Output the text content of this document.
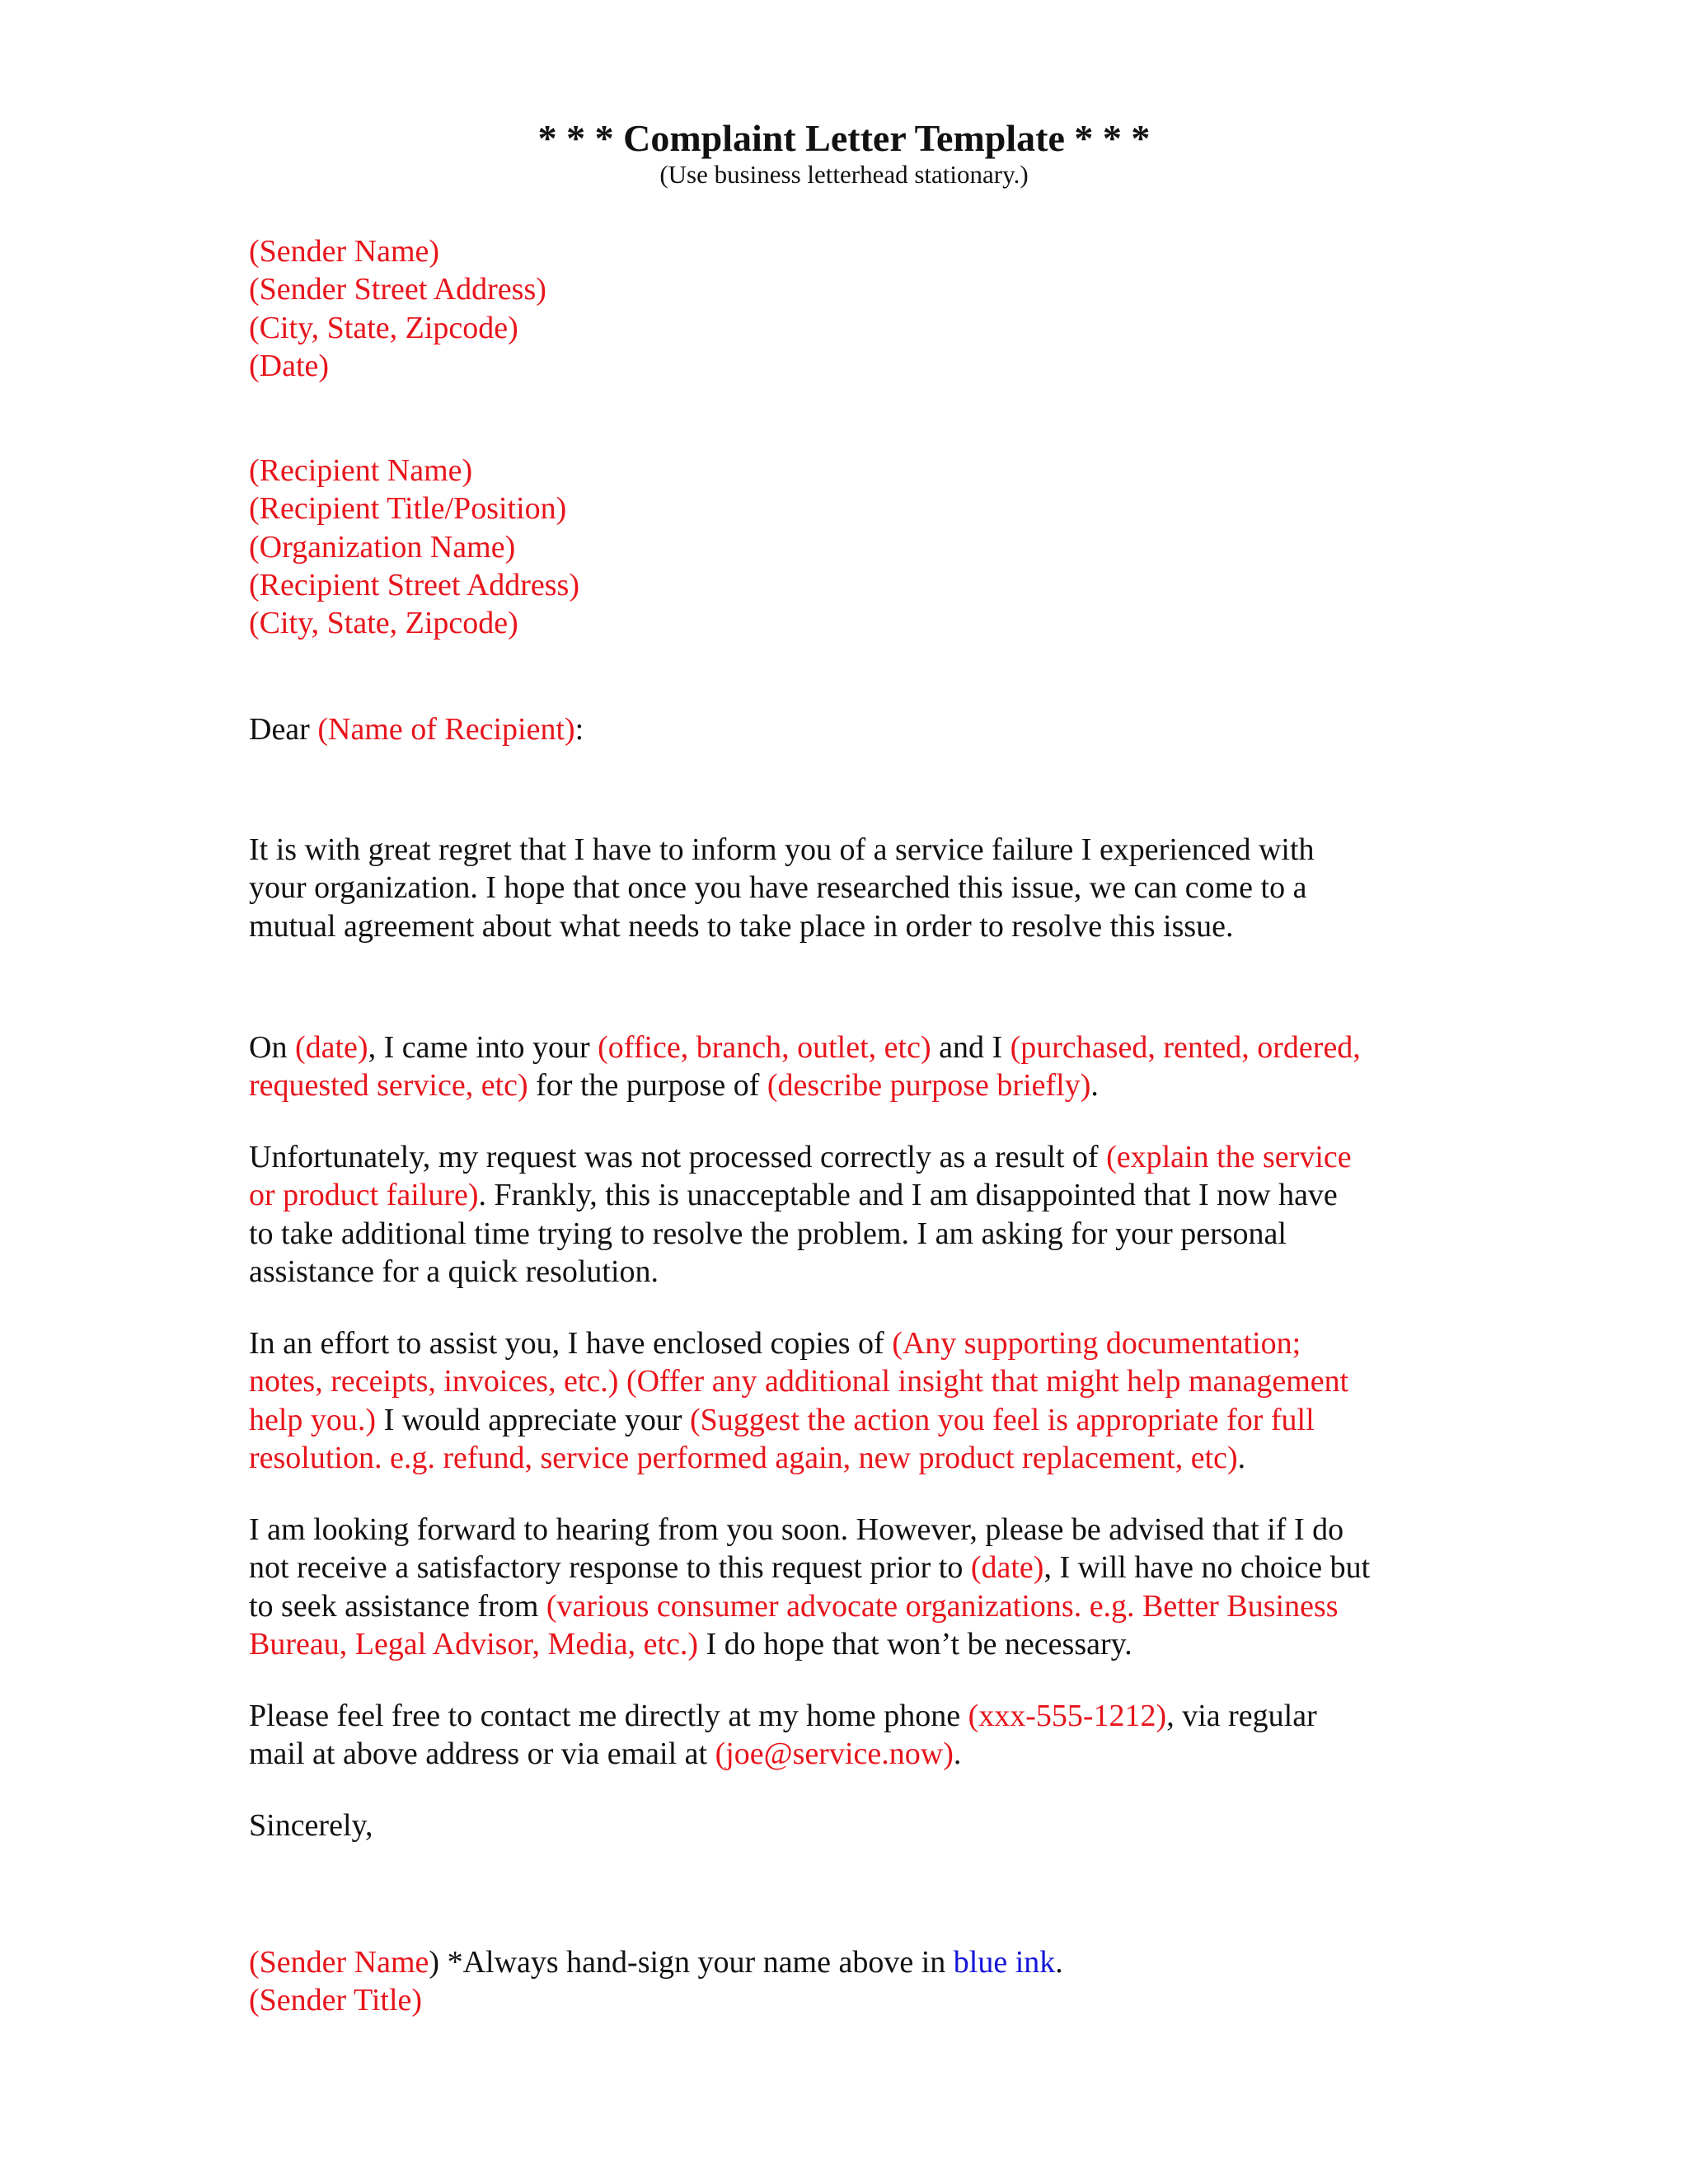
* * * Complaint Letter Template * * *
(Use business letterhead stationary.)
(Sender Name)
(Sender Street Address)
(City, State, Zipcode)
(Date)
(Recipient Name)
(Recipient Title/Position)
(Organization Name)
(Recipient Street Address)
(City, State, Zipcode)
Dear (Name of Recipient):
It is with great regret that I have to inform you of a service failure I experienced with
your organization. I hope that once you have researched this issue, we can come to a
mutual agreement about what needs to take place in order to resolve this issue.
On (date), I came into your (office, branch, outlet, etc) and I (purchased, rented, ordered,
requested service, etc) for the purpose of (describe purpose briefly).
Unfortunately, my request was not processed correctly as a result of (explain the service
or product failure). Frankly, this is unacceptable and I am disappointed that I now have
to take additional time trying to resolve the problem. I am asking for your personal
assistance for a quick resolution.
In an effort to assist you, I have enclosed copies of (Any supporting documentation;
notes, receipts, invoices, etc.) (Offer any additional insight that might help management
help you.) I would appreciate your (Suggest the action you feel is appropriate for full
resolution. e.g. refund, service performed again, new product replacement, etc).
I am looking forward to hearing from you soon. However, please be advised that if I do
not receive a satisfactory response to this request prior to (date), I will have no choice but
to seek assistance from (various consumer advocate organizations. e.g. Better Business
Bureau, Legal Advisor, Media, etc.) I do hope that won’t be necessary.
Please feel free to contact me directly at my home phone (xxx-555-1212), via regular
mail at above address or via email at (joe@service.now).
Sincerely,
(Sender Name) *Always hand-sign your name above in blue ink.
(Sender Title)
